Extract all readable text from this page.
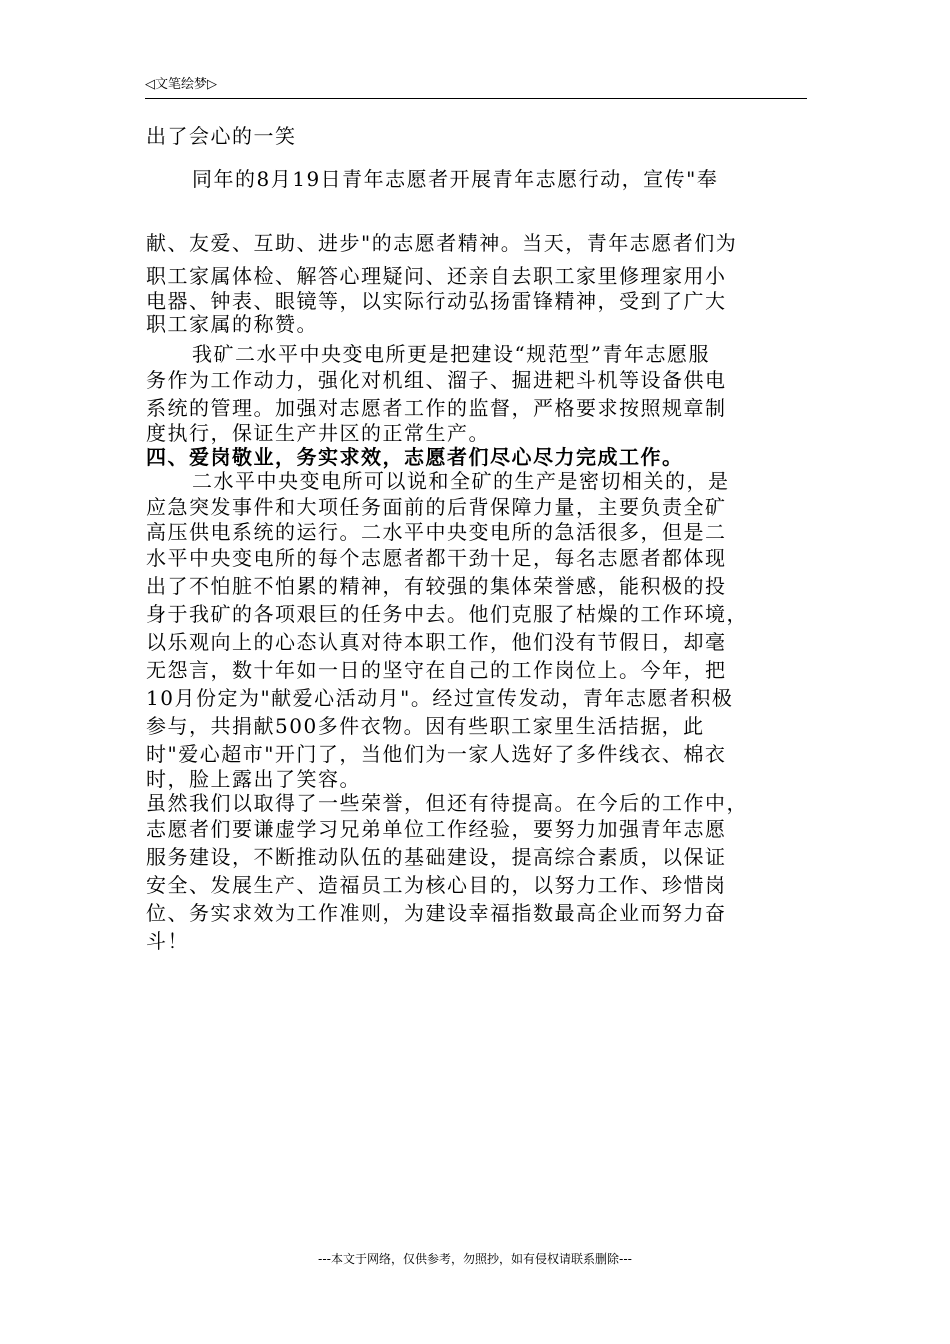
◁文笔绘梦▷
出了会心的一笑
同年的8月19日青年志愿者开展青年志愿行动，宣传"奉
献、友爱、互助、进步"的志愿者精神。当天，青年志愿者们为
职工家属体检、解答心理疑问、还亲自去职工家里修理家用小
电器、钟表、眼镜等，以实际行动弘扬雷锋精神，受到了广大
职工家属的称赞。
我矿二水平中央变电所更是把建设“规范型”青年志愿服
务作为工作动力，强化对机组、溜子、掘进耙斗机等设备供电
系统的管理。加强对志愿者工作的监督，严格要求按照规章制
度执行，保证生产井区的正常生产。
四、爱岗敬业，务实求效，志愿者们尽心尽力完成工作。
二水平中央变电所可以说和全矿的生产是密切相关的，是
应急突发事件和大项任务面前的后背保障力量，主要负责全矿
高压供电系统的运行。二水平中央变电所的急活很多，但是二
水平中央变电所的每个志愿者都干劲十足，每名志愿者都体现
出了不怕脏不怕累的精神，有较强的集体荣誉感，能积极的投
身于我矿的各项艰巨的任务中去。他们克服了枯燥的工作环境，
以乐观向上的心态认真对待本职工作，他们没有节假日，却毫
无怨言，数十年如一日的坚守在自己的工作岗位上。今年，把
10月份定为"献爱心活动月"。经过宣传发动，青年志愿者积极
参与，共捐献500多件衣物。因有些职工家里生活拮据，此
时"爱心超市"开门了，当他们为一家人选好了多件线衣、棉衣
时，脸上露出了笑容。
虽然我们以取得了一些荣誉，但还有待提高。在今后的工作中，
志愿者们要谦虚学习兄弟单位工作经验，要努力加强青年志愿
服务建设，不断推动队伍的基础建设，提高综合素质，以保证
安全、发展生产、造福员工为核心目的，以努力工作、珍惜岗
位、务实求效为工作准则，为建设幸福指数最高企业而努力奋
斗！
---本文于网络，仅供参考，勿照抄，如有侵权请联系删除---
